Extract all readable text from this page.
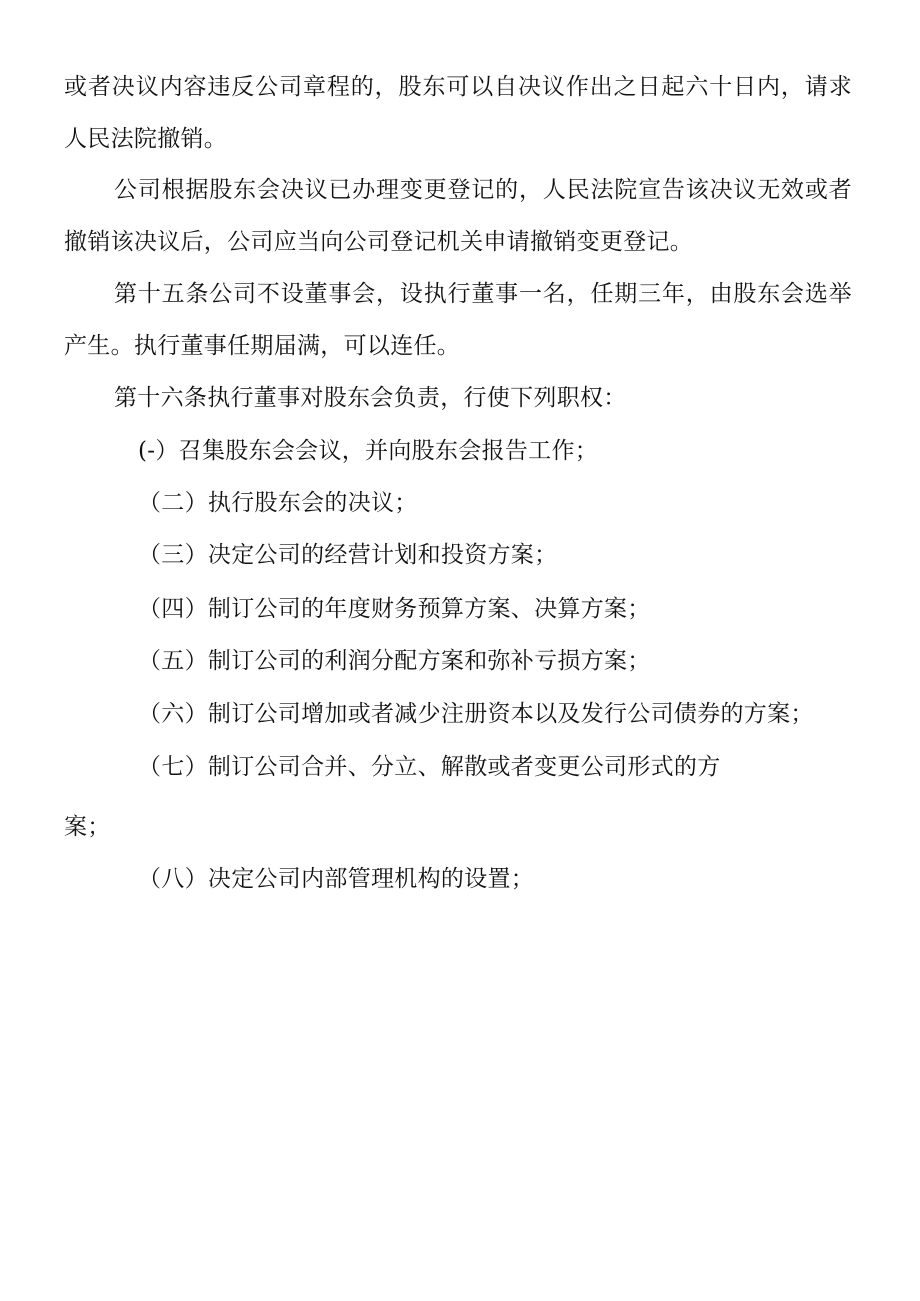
或者决议内容违反公司章程的，股东可以自决议作出之日起六十日内，请求
人民法院撤销。
公司根据股东会决议已办理变更登记的，人民法院宣告该决议无效或者
撤销该决议后，公司应当向公司登记机关申请撤销变更登记。
第十五条公司不设董事会，设执行董事一名，任期三年，由股东会选举
产生。执行董事任期届满，可以连任。
第十六条执行董事对股东会负责，行使下列职权：
(-）召集股东会会议，并向股东会报告工作；
（二）执行股东会的决议；
（三）决定公司的经营计划和投资方案；
（四）制订公司的年度财务预算方案、决算方案；
（五）制订公司的利润分配方案和弥补亏损方案；
（六）制订公司增加或者减少注册资本以及发行公司债券的方案；
（七）制订公司合并、分立、解散或者变更公司形式的方
案；
（八）决定公司内部管理机构的设置；
